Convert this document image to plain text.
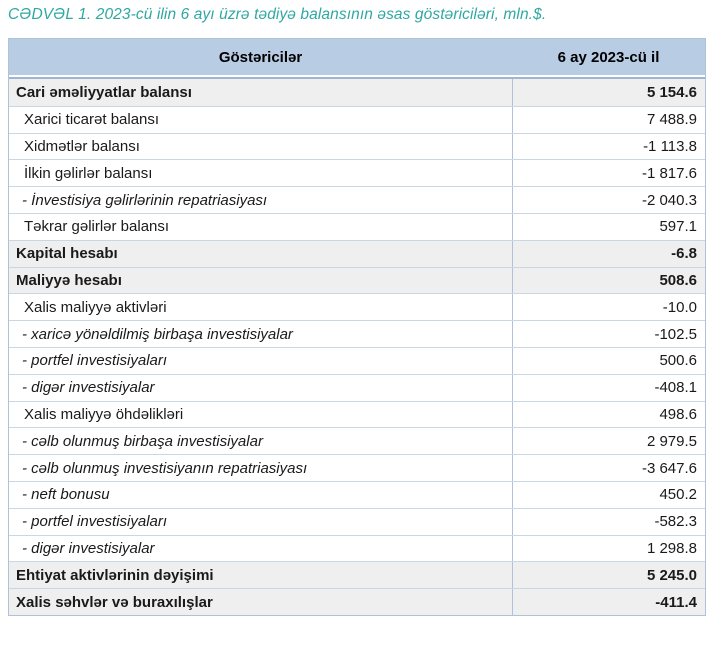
CƏDVƏL 1. 2023-cü ilin 6 ayı üzrə tədiyə balansının əsas göstəriciləri, mln.$.
Göstəricilər	6 ay 2023-cü il
Cari əməliyyatlar balansı	5 154.6
Xarici ticarət balansı	7 488.9
Xidmətlər balansı	-1 113.8
İlkin gəlirlər balansı	-1 817.6
- İnvestisiya gəlirlərinin repatriasiyası	-2 040.3
Təkrar gəlirlər balansı	597.1
Kapital hesabı	-6.8
Maliyyə hesabı	508.6
Xalis maliyyə aktivləri	-10.0
- xaricə yönəldilmiş birbaşa investisiyalar	-102.5
- portfel investisiyaları	500.6
- digər investisiyalar	-408.1
Xalis maliyyə öhdəlikləri	498.6
- cəlb olunmuş birbaşa investisiyalar	2 979.5
- cəlb olunmuş investisiyanın repatriasiyası	-3 647.6
- neft bonusu	450.2
- portfel investisiyaları	-582.3
- digər investisiyalar	1 298.8
Ehtiyat aktivlərinin dəyişimi	5 245.0
Xalis səhvlər və buraxılışlar	-411.4
